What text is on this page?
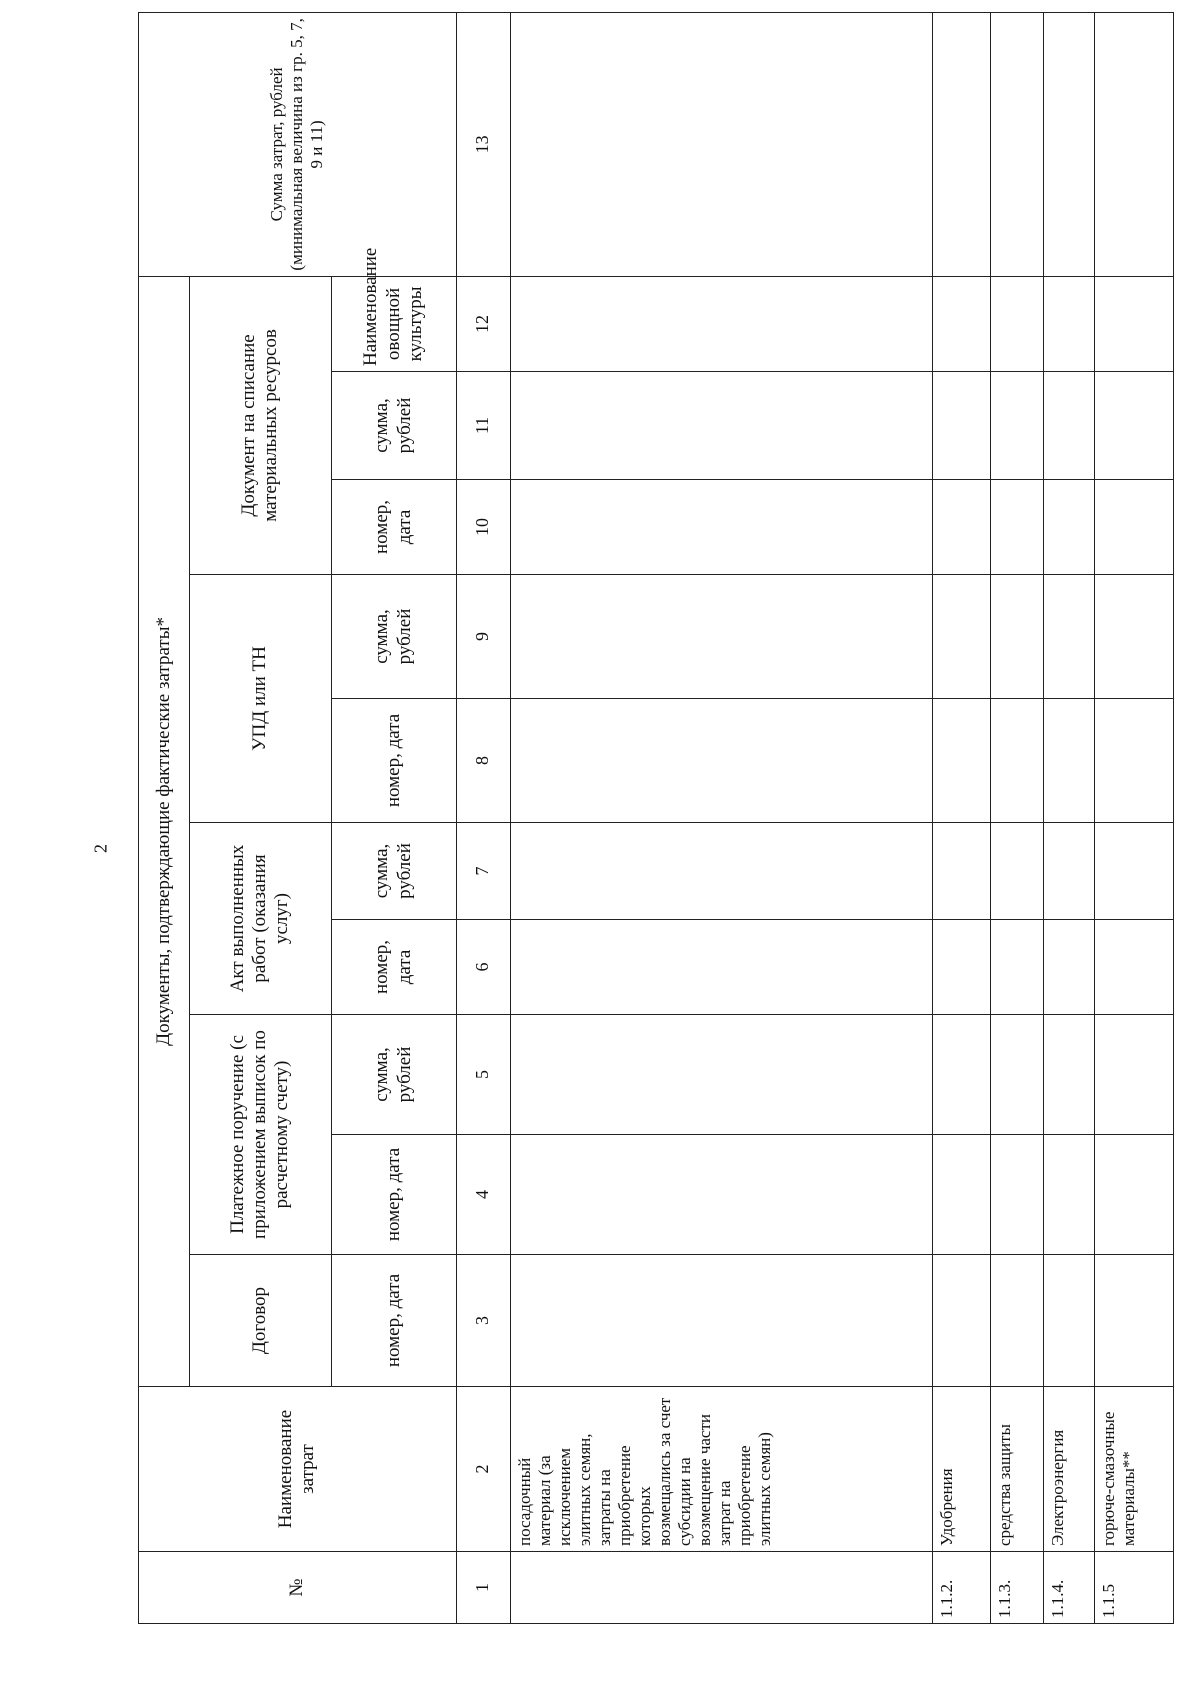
2
№	Наименование затрат	Документы, подтверждающие фактические затраты*										Сумма затрат, рублей (минимальная величина из гр. 5, 7, 9 и 11)
		Договор	Платежное поручение (с приложением выписок по расчетному счету)		Акт выполненных работ (оказания услуг)		УПД или ТН		Документ на списание материальных ресурсов			
		номер, дата	номер, дата	сумма, рублей	номер, дата	сумма, рублей	номер, дата	сумма, рублей	номер, дата	сумма, рублей	Наименование овощной культуры	
1	2	3	4	5	6	7	8	9	10	11	12	13
	посадочный материал (за исключением элитных семян, затраты на приобретение которых возмещались за счет субсидии на возмещение части затрат на приобретение элитных семян)											
1.1.2.	Удобрения											
1.1.3.	средства защиты											
1.1.4.	Электроэнергия											
1.1.5	горюче-смазочные материалы**											
